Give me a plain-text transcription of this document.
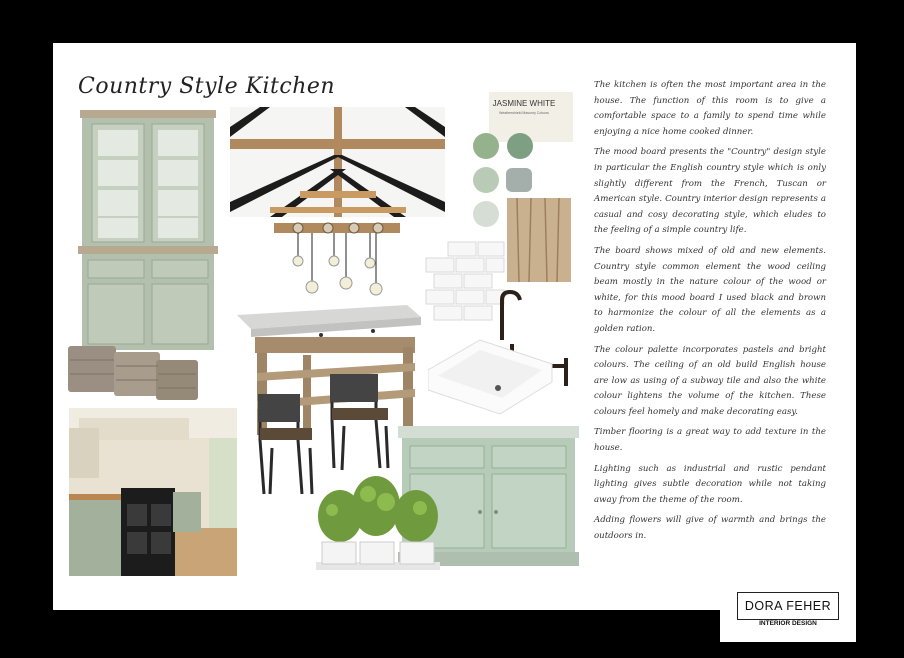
Country Style Kitchen
JASMINE WHITE
Weathershield Masonry Colours

The kitchen is often the most important area in the house. The function of this room is to give a comfortable space to a family to spend time while enjoying a nice home cooked dinner.

The mood board presents the "Country" design style in particular the English country style which is only slightly different from the French, Tuscan or American style. Country interior design represents a casual and cosy decorating style, which eludes to the feeling of a simple country life.

The board shows mixed of old and new elements. Country style common element the wood ceiling beam mostly in the nature colour of the wood or white, for this mood board I used black and brown to harmonize the colour of all the elements as a golden ration.

The colour palette incorporates pastels and bright colours. The ceiling of an old build English house are low as using of a subway tile and also the white colour lightens the volume of the kitchen. These colours feel homely and make decorating easy.

Timber flooring is a great way to add texture in the house.

Lighting such as industrial and rustic pendant lighting gives subtle decoration while not taking away from the theme of the room.

Adding flowers will give of warmth and brings the outdoors in.

DORA FEHER
INTERIOR DESIGN
